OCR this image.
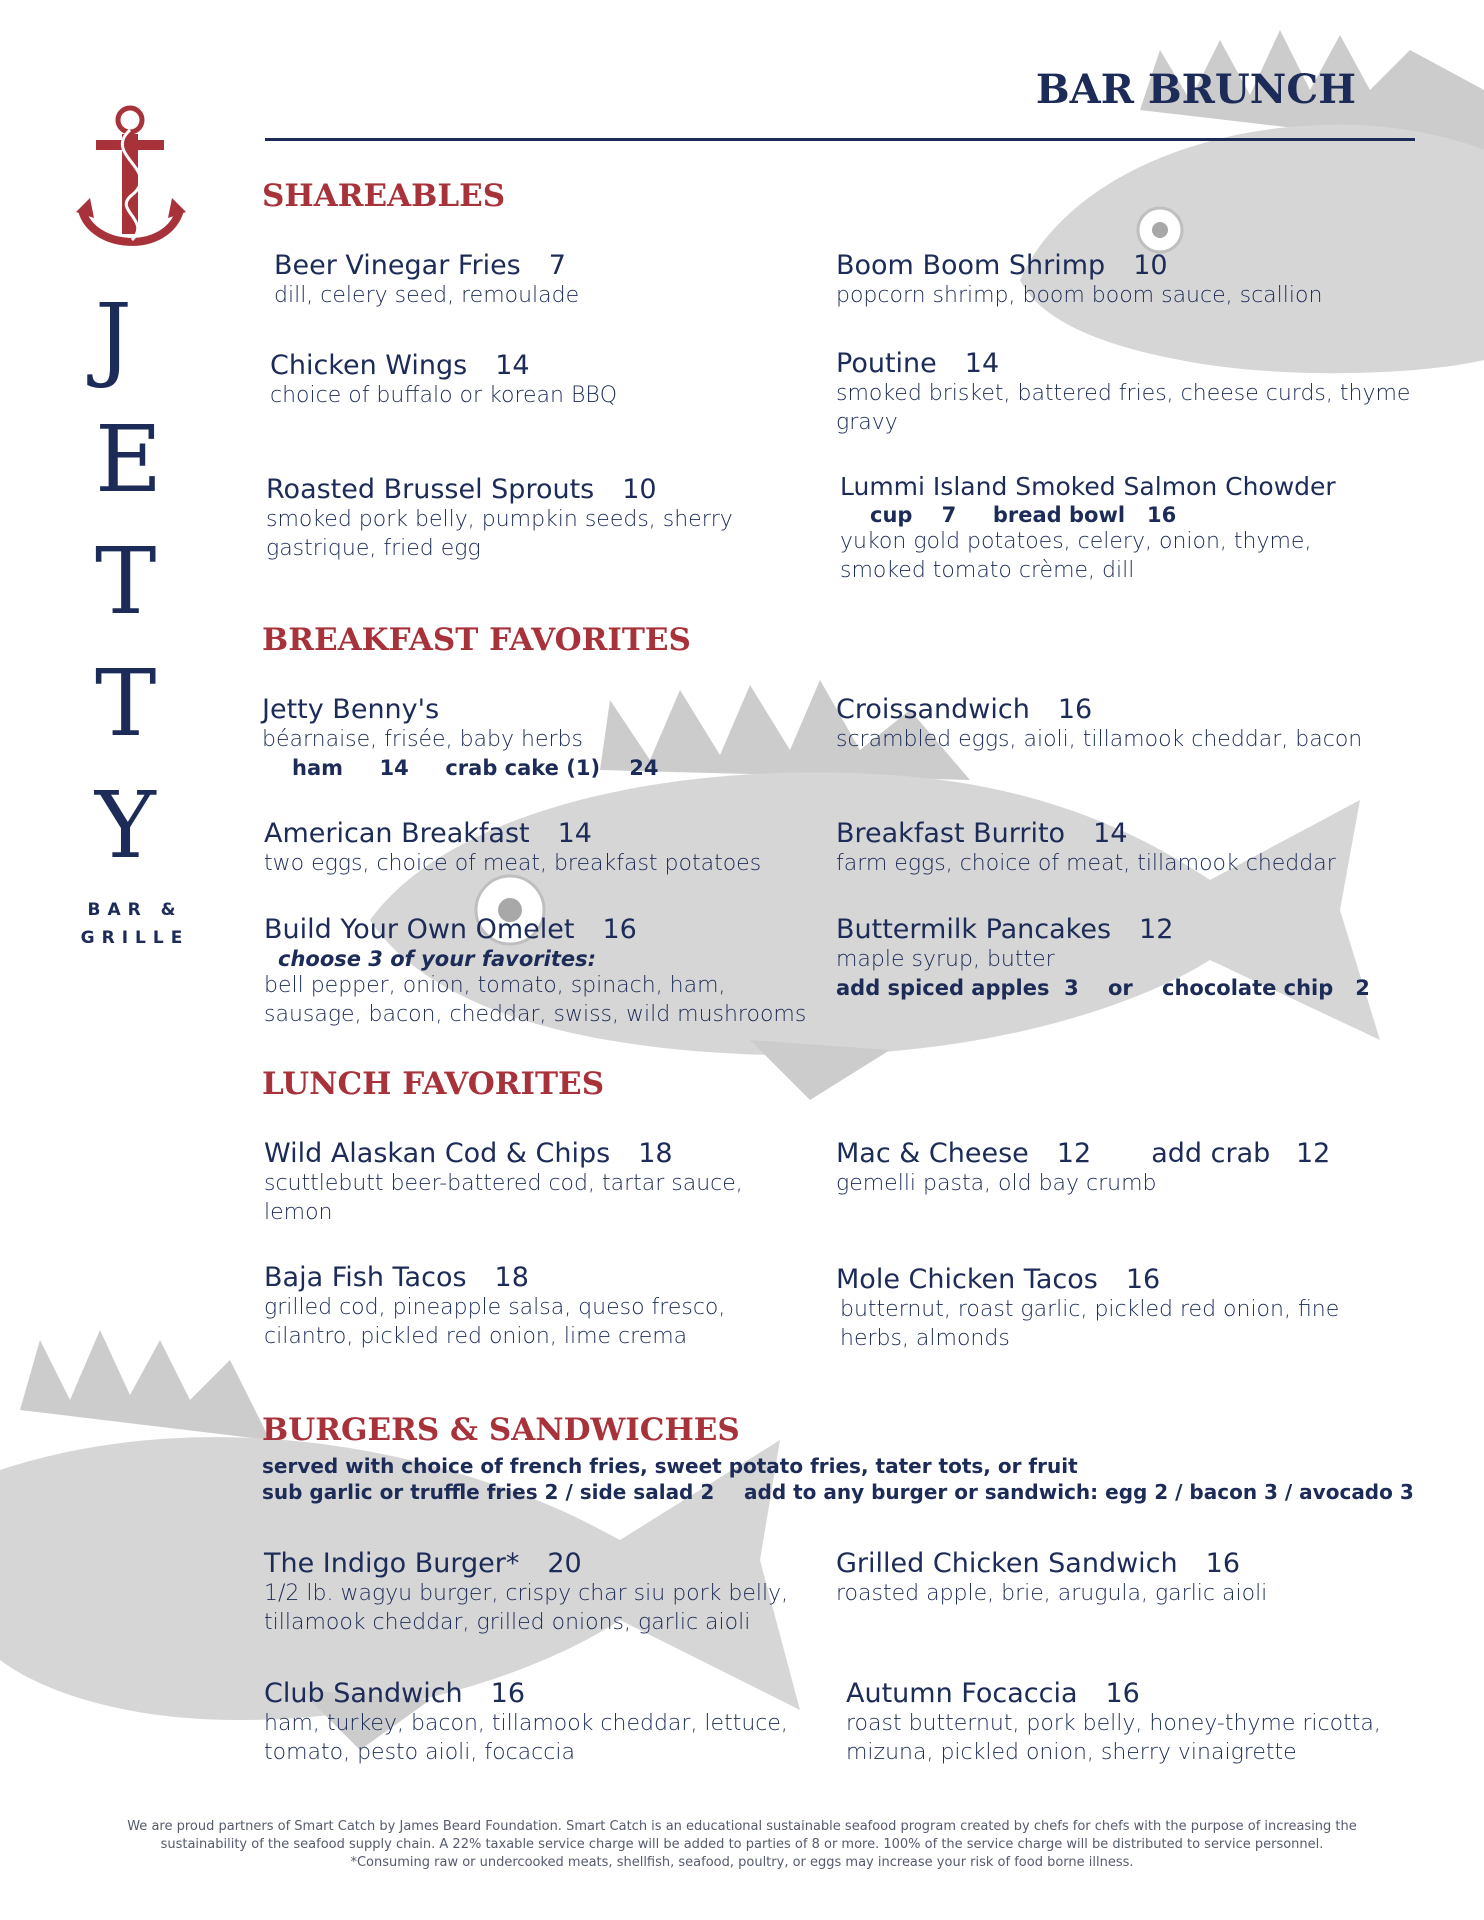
J
E
T
T
Y
BAR &
GRILLE
BAR BRUNCH
SHAREABLES
Beer Vinegar Fries 7
dill, celery seed, remoulade
Boom Boom Shrimp 10
popcorn shrimp, boom boom sauce, scallion
Chicken Wings 14
choice of buffalo or korean BBQ
Poutine 14
smoked brisket, battered fries, cheese curds, thyme gravy
Roasted Brussel Sprouts 10
smoked pork belly, pumpkin seeds, sherry gastrique, fried egg
Lummi Island Smoked Salmon Chowder
cup    7     bread bowl   16
yukon gold potatoes, celery, onion, thyme, smoked tomato crème, dill
BREAKFAST FAVORITES
Jetty Benny's
béarnaise, frisée, baby herbs
ham     14     crab cake (1)    24
Croissandwich 16
scrambled eggs, aioli, tillamook cheddar, bacon
American Breakfast 14
two eggs, choice of meat, breakfast potatoes
Breakfast Burrito 14
farm eggs, choice of meat, tillamook cheddar
Build Your Own Omelet 16
choose 3 of your favorites:
bell pepper, onion, tomato, spinach, ham, sausage, bacon, cheddar, swiss, wild mushrooms
Buttermilk Pancakes 12
maple syrup, butter
add spiced apples  3    or    chocolate chip   2
LUNCH FAVORITES
Wild Alaskan Cod & Chips 18
scuttlebutt beer-battered cod, tartar sauce, lemon
Mac & Cheese 12       add crab   12
gemelli pasta, old bay crumb
Baja Fish Tacos 18
grilled cod, pineapple salsa, queso fresco, cilantro, pickled red onion, lime crema
Mole Chicken Tacos 16
butternut, roast garlic, pickled red onion, fine herbs, almonds
BURGERS & SANDWICHES
served with choice of french fries, sweet potato fries, tater tots, or fruit
sub garlic or truffle fries 2 / side salad 2 add to any burger or sandwich: egg 2 / bacon 3 / avocado 3
The Indigo Burger* 20
1/2 lb. wagyu burger, crispy char siu pork belly, tillamook cheddar, grilled onions, garlic aioli
Grilled Chicken Sandwich 16
roasted apple, brie, arugula, garlic aioli
Club Sandwich 16
ham, turkey, bacon, tillamook cheddar, lettuce, tomato, pesto aioli, focaccia
Autumn Focaccia 16
roast butternut, pork belly, honey-thyme ricotta, mizuna, pickled onion, sherry vinaigrette
We are proud partners of Smart Catch by James Beard Foundation. Smart Catch is an educational sustainable seafood program created by chefs for chefs with the purpose of increasing the sustainability of the seafood supply chain. A 22% taxable service charge will be added to parties of 8 or more. 100% of the service charge will be distributed to service personnel.
*Consuming raw or undercooked meats, shellfish, seafood, poultry, or eggs may increase your risk of food borne illness.
